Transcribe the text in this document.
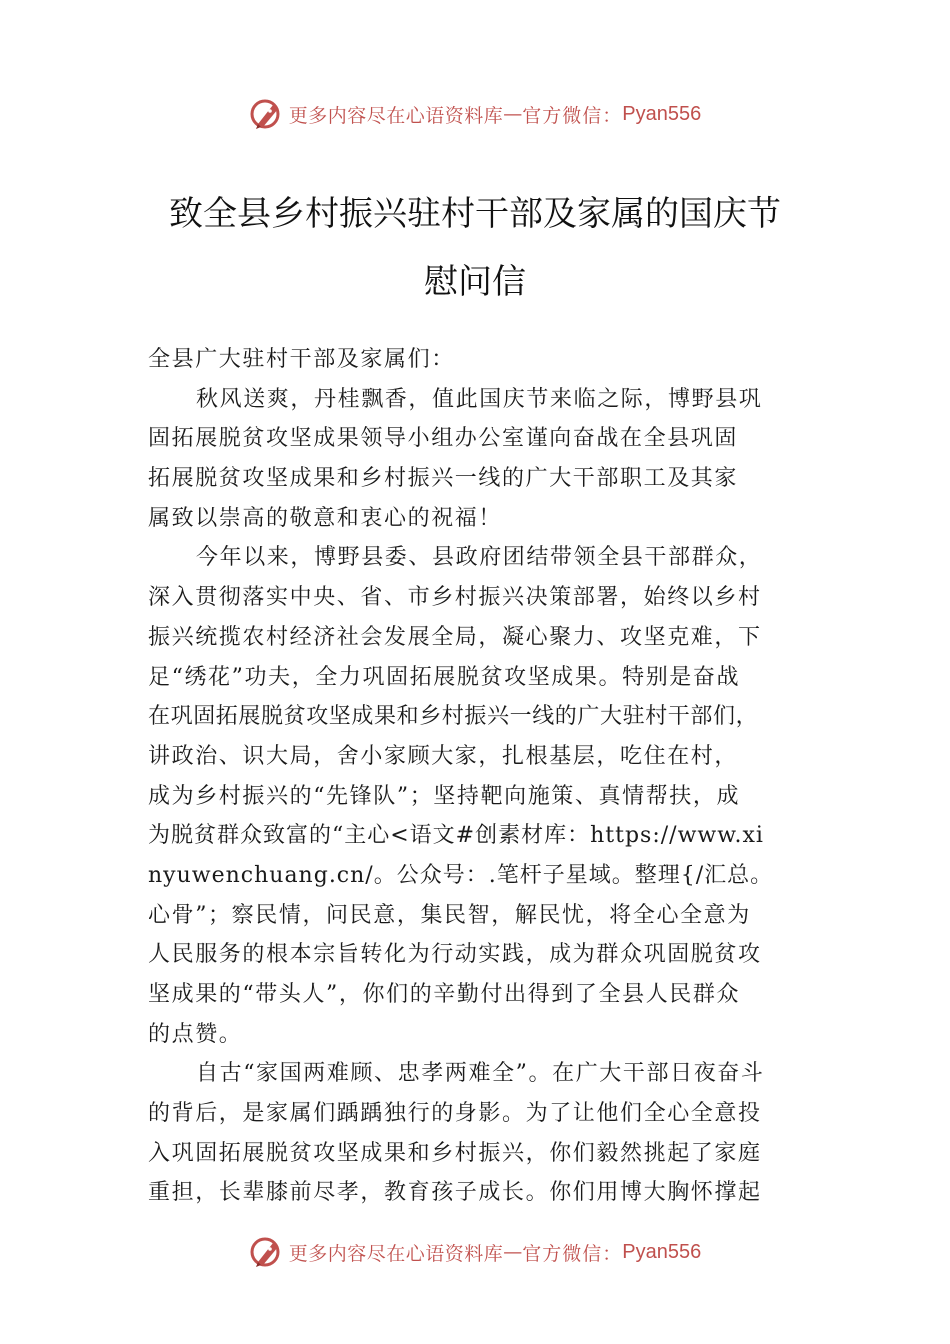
更多内容尽在心语资料库 — 官方微信： Pyan556
致全县乡村振兴驻村干部及家属的国庆节
慰问信
全县广大驻村干部及家属们：
秋风送爽，丹桂飘香，值此国庆节来临之际，博野县巩
固拓展脱贫攻坚成果领导小组办公室谨向奋战在全县巩固
拓展脱贫攻坚成果和乡村振兴一线的广大干部职工及其家
属致以崇高的敬意和衷心的祝福！
今年以来，博野县委、县政府团结带领全县干部群众，
深入贯彻落实中央、省、市乡村振兴决策部署，始终以乡村
振兴统揽农村经济社会发展全局，凝心聚力、攻坚克难，下
足“绣花”功夫，全力巩固拓展脱贫攻坚成果。特别是奋战
在巩固拓展脱贫攻坚成果和乡村振兴一线的广大驻村干部们，
讲政治、识大局，舍小家顾大家，扎根基层，吃住在村，
成为乡村振兴的“先锋队”；坚持靶向施策、真情帮扶，成
为脱贫群众致富的“主心<语文#创素材库：https://www.xi
nyuwenchuang.cn/。公众号：.笔杆子星域。整理{/汇总。
心骨”；察民情，问民意，集民智，解民忧，将全心全意为
人民服务的根本宗旨转化为行动实践，成为群众巩固脱贫攻
坚成果的“带头人”，你们的辛勤付出得到了全县人民群众
的点赞。
自古“家国两难顾、忠孝两难全”。在广大干部日夜奋斗
的背后，是家属们踽踽独行的身影。为了让他们全心全意投
入巩固拓展脱贫攻坚成果和乡村振兴，你们毅然挑起了家庭
重担，长辈膝前尽孝，教育孩子成长。你们用博大胸怀撑起
更多内容尽在心语资料库 — 官方微信： Pyan556
